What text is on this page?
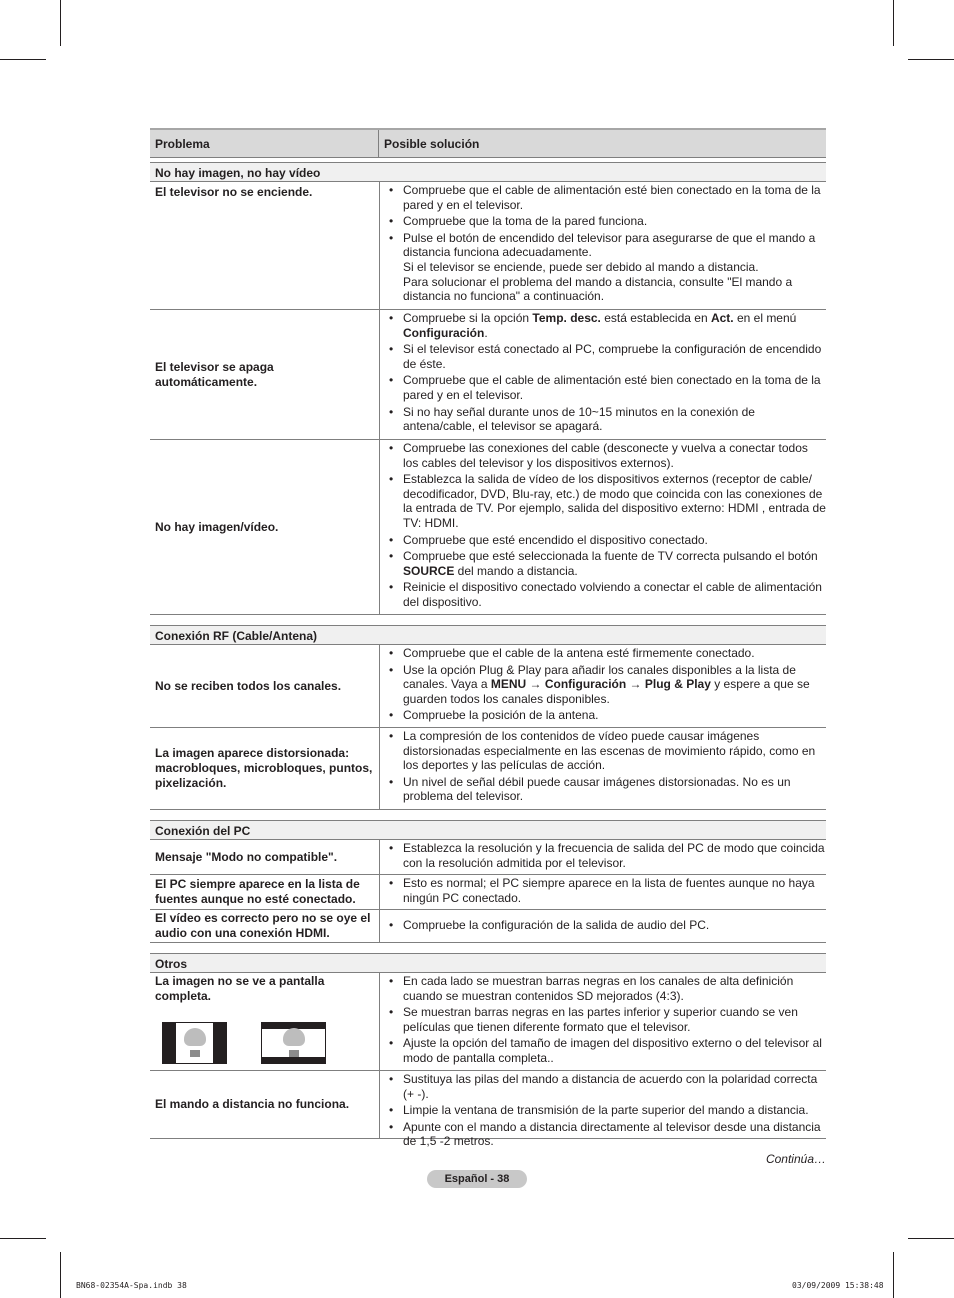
Problema	Posible solución
No hay imagen, no hay vídeo
El televisor no se enciende.
•	Compruebe que el cable de alimentación esté bien conectado en la toma de la pared y en el televisor.
• Compruebe que la toma de la pared funciona.
• Pulse el botón de encendido del televisor para asegurarse de que el mando a distancia funciona adecuadamente.
Si el televisor se enciende, puede ser debido al mando a distancia.
Para solucionar el problema del mando a distancia, consulte "El mando a distancia no funciona" a continuación.
El televisor se apaga automáticamente.
• Compruebe si la opción Temp. desc. está establecida en Act. en el menú Configuración.
• Si el televisor está conectado al PC, compruebe la configuración de encendido de éste.
• Compruebe que el cable de alimentación esté bien conectado en la toma de la pared y en el televisor.
• Si no hay señal durante unos de 10~15 minutos en la conexión de antena/cable, el televisor se apagará.
No hay imagen/vídeo.
• Compruebe las conexiones del cable (desconecte y vuelva a conectar todos los cables del televisor y los dispositivos externos).
• Establezca la salida de vídeo de los dispositivos externos (receptor de cable/ decodificador, DVD, Blu-ray, etc.) de modo que coincida con las conexiones de la entrada de TV. Por ejemplo, salida del dispositivo externo: HDMI , entrada de TV: HDMI.
• Compruebe que esté encendido el dispositivo conectado.
• Compruebe que esté seleccionada la fuente de TV correcta pulsando el botón SOURCE del mando a distancia.
• Reinicie el dispositivo conectado volviendo a conectar el cable de alimentación del dispositivo.
Conexión RF (Cable/Antena)
No se reciben todos los canales.
• Compruebe que el cable de la antena esté firmemente conectado.
• Use la opción Plug & Play para añadir los canales disponibles a la lista de canales. Vaya a MENU → Configuración → Plug & Play y espere a que se guarden todos los canales disponibles.
• Compruebe la posición de la antena.
La imagen aparece distorsionada: macrobloques, microbloques, puntos, pixelización.
• La compresión de los contenidos de vídeo puede causar imágenes distorsionadas especialmente en las escenas de movimiento rápido, como en los deportes y las películas de acción.
• Un nivel de señal débil puede causar imágenes distorsionadas. No es un problema del televisor.
Conexión del PC
Mensaje "Modo no compatible".
• Establezca la resolución y la frecuencia de salida del PC de modo que coincida con la resolución admitida por el televisor.
El PC siempre aparece en la lista de fuentes aunque no esté conectado.
• Esto es normal; el PC siempre aparece en la lista de fuentes aunque no haya ningún PC conectado.
El vídeo es correcto pero no se oye el audio con una conexión HDMI.
• Compruebe la configuración de la salida de audio del PC.
Otros
La imagen no se ve a pantalla completa.
• En cada lado se muestran barras negras en los canales de alta definición cuando se muestran contenidos SD mejorados (4:3).
• Se muestran barras negras en las partes inferior y superior cuando se ven películas que tienen diferente formato que el televisor.
• Ajuste la opción del tamaño de imagen del dispositivo externo o del televisor al modo de pantalla completa..
El mando a distancia no funciona.
• Sustituya las pilas del mando a distancia de acuerdo con la polaridad correcta (+ -).
• Limpie la ventana de transmisión de la parte superior del mando a distancia.
• Apunte con el mando a distancia directamente al televisor desde una distancia de 1,5 -2 metros.
Continúa…
Español - 38
BN68-02354A-Spa.indb 38	03/09/2009 15:38:48
